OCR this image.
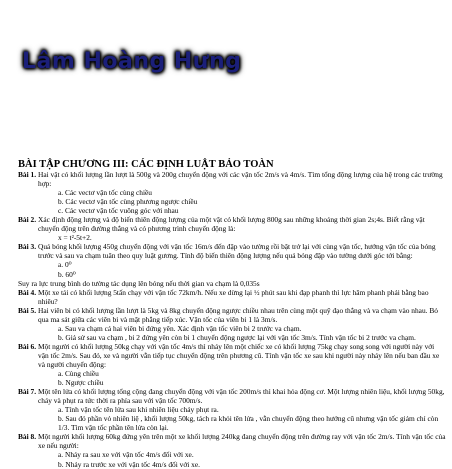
Lâm Hoàng Hưng
BÀI TẬP CHƯƠNG III: CÁC ĐỊNH LUẬT BẢO TOÀN
Bài 1. Hai vật có khối lượng lần lượt là 500g và 200g chuyển động với các vận tốc 2m/s và 4m/s. Tìm tổng động lượng của hệ trong các trường hợp:

a. Các vectơ vận tốc cùng chiều

b. Các vectơ vận tốc cùng phương ngược chiều

c. Các vectơ vận tốc vuông góc với nhau

Bài 2. Xác định động lượng và độ biến thiên động lượng của một vật có khối lượng 800g sau những khoảng thời gian 2s;4s. Biết rằng vật chuyển động trên đường thẳng và có phương trình chuyển động là:

x = t²-5t+2.

Bài 3. Quả bóng khối lượng 450g chuyển động với vận tốc 16m/s đến đập vào tường rồi bật trở lại với cùng vận tốc, hướng vận tốc của bóng trước và sau va chạm tuân theo quy luật gương. Tính độ biến thiên động lượng nếu quả bóng đập vào tường dưới góc tới bằng:

a. 0⁰

b. 60⁰

Suy ra lực trung bình do tường tác dụng lên bóng nếu thời gian va chạm là 0,035s

Bài 4. Một xe tải có khối lượng 5tấn chạy với vận tốc 72km/h. Nếu xe dừng lại ½ phút sau khi đạp phanh thì lực hãm phanh phải bằng bao nhiêu?

Bài 5. Hai viên bi có khối lượng lần lượt là 5kg và 8kg chuyển động ngược chiều nhau trên cùng một quỹ đạo thẳng và va chạm vào nhau. Bỏ qua ma sát giữa các viên bi và mặt phẳng tiếp xúc. Vận tốc của viên bi 1 là 3m/s.

a. Sau va chạm cả hai viên bi đứng yên. Xác định vận tốc viên bi 2 trước va chạm.

b. Giả sử sau va chạm , bi 2 đứng yên còn bi 1 chuyển động ngược lại với vận tốc 3m/s. Tính vận tốc bi 2 trước va chạm.

Bài 6. Một người có khối lượng 50kg chạy với vận tốc 4m/s thì nhảy lên một chiếc xe có khối lượng 75kg chạy song song với người này với vận tốc 2m/s. Sau đó, xe và người vẫn tiếp tục chuyển động trên phương cũ. Tính vận tốc xe sau khi người này nhảy lên nếu ban đầu xe và người chuyển động:

a. Cùng chiều

b. Ngược chiều

Bài 7. Một tên lửa có khối lượng tổng cộng đang chuyển động với vận tốc 200m/s thì khai hỏa động cơ. Một lượng nhiên liệu, khối lượng 50kg, cháy và phụt ra tức thời ra phía sau với vận tốc 700m/s.

a. Tính vận tốc tên lửa sau khi nhiên liệu cháy phụt ra.

b. Sau đó phần vỏ nhiên liệ , khối lượng 50kg, tách ra khỏi tên lửa , vẫn chuyển động theo hướng cũ nhưng vận tốc giảm chỉ còn 1/3. Tìm vận tốc phần tên lửa còn lại.

Bài 8. Một người khối lượng 60kg đứng yên trên một xe khối lượng 240kg đang chuyển động trên đường ray với vận tốc 2m/s. Tính vận tốc của xe nếu người:

a. Nhảy ra sau xe với vận tốc 4m/s đối với xe.

b. Nhảy ra trước xe với vận tốc 4m/s đối với xe.
